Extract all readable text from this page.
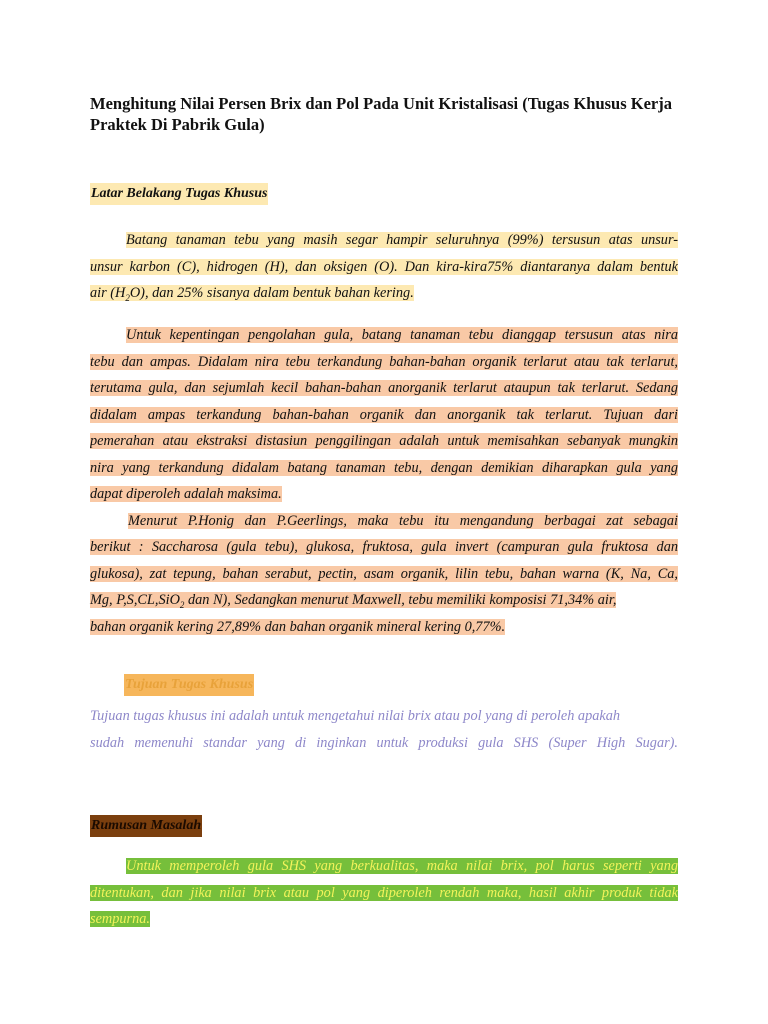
Menghitung Nilai Persen Brix dan Pol Pada Unit Kristalisasi (Tugas Khusus Kerja Praktek Di Pabrik Gula)
Latar Belakang Tugas Khusus
Batang tanaman tebu yang masih segar hampir seluruhnya (99%) tersusun atas unsur-
unsur karbon (C), hidrogen (H), dan oksigen (O). Dan kira-kira75% diantaranya dalam bentuk
air $(H_2O)$, dan 25% sisanya dalam bentuk bahan kering.
Untuk kepentingan pengolahan gula, batang tanaman tebu dianggap tersusun atas nira
tebu dan ampas. Didalam nira tebu terkandung bahan-bahan organik terlarut atau tak terlarut,
terutama gula, dan sejumlah kecil bahan-bahan anorganik terlarut ataupun tak terlarut. Sedang
didalam ampas terkandung bahan-bahan organik dan anorganik tak terlarut. Tujuan dari
pemerahan atau ekstraksi distasiun penggilingan adalah untuk memisahkan sebanyak mungkin
nira yang terkandung didalam batang tanaman tebu, dengan demikian diharapkan gula yang
dapat diperoleh adalah maksima.
Menurut P.Honig dan P.Geerlings, maka tebu itu mengandung berbagai zat sebagai
berikut : Saccharosa (gula tebu), glukosa, fruktosa, gula invert (campuran gula fruktosa dan
glukosa), zat tepung, bahan serabut, pectin, asam organik, lilin tebu, bahan warna (K, Na, Ca,
Mg, P,S,CL,SiO$_2$ dan N), Sedangkan menurut Maxwell, tebu memiliki komposisi 71,34% air,
bahan organik kering 27,89% dan bahan organik mineral kering 0,77%.
Tujuan Tugas Khusus
Tujuan tugas khusus ini adalah untuk mengetahui nilai brix atau pol yang di peroleh apakah
sudah memenuhi standar yang di inginkan untuk produksi gula SHS (Super High Sugar).
Rumusan Masalah
Untuk memperoleh gula SHS yang berkualitas, maka nilai brix, pol harus seperti yang
ditentukan, dan jika nilai brix atau pol yang diperoleh rendah maka, hasil akhir produk tidak
sempurna.
